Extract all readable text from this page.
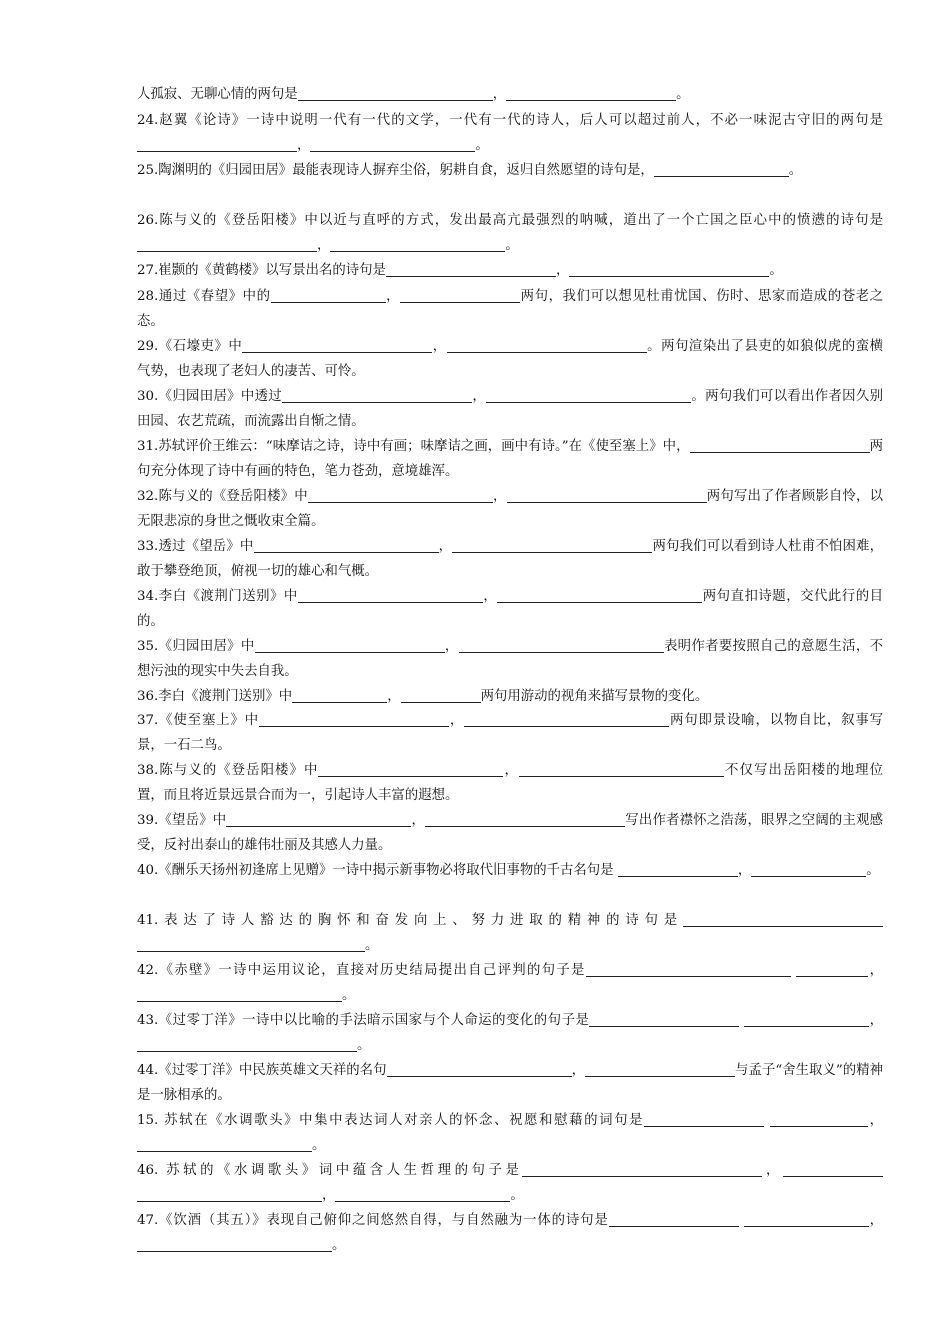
人孤寂、无聊心情的两句是	，	。

24.赵翼《论诗》一诗中说明一代有一代的文学，一代有一代的诗人，后人可以超过前人，不必一味泥古守旧的两句是 ，	。

25.陶渊明的《归园田居》最能表现诗人摒弃尘俗，躬耕自食，返归自然愿望的诗句是，	。

26.陈与义的《登岳阳楼》中以近与直呼的方式，发出最高亢最强烈的呐喊，道出了一个亡国之臣心中的愤懑的诗句是，	。

27.崔颢的《黄鹤楼》以写景出名的诗句是	，	。

28.通过《春望》中的	，	两句，我们可以想见杜甫忧国、伤时、思家而造成的苍老之态。

29.《石壕吏》中	，	。两句渲染出了县吏的如狼似虎的蛮横气势，也表现了老妇人的凄苦、可怜。

30.《归园田居》中透过	，	。两句我们可以看出作者因久别田园、农艺荒疏，而流露出自惭之情。

31.苏轼评价王维云：“味摩诘之诗，诗中有画；味摩诘之画，画中有诗。”在《使至塞上》中，	两句充分体现了诗中有画的特色，笔力苍劲，意境雄浑。

32.陈与义的《登岳阳楼》中	，	两句写出了作者顾影自怜，以无限悲凉的身世之慨收束全篇。

33.透过《望岳》中	，	两句我们可以看到诗人杜甫不怕困难，敢于攀登绝顶，俯视一切的雄心和气概。

34.李白《渡荆门送别》中	，	两句直扣诗题，交代此行的目的。

35.《归园田居》中	，	表明作者要按照自己的意愿生活，不想污浊的现实中失去自我。

36.李白《渡荆门送别》中	，	两句用游动的视角来描写景物的变化。

37.《使至塞上》中	，	两句即景设喻，以物自比，叙事写景，一石二鸟。

38.陈与义的《登岳阳楼》中	，	不仅写出岳阳楼的地理位置，而且将近景远景合而为一，引起诗人丰富的遐想。

39.《望岳》中	，	写出作者襟怀之浩荡，眼界之空阔的主观感受，反衬出泰山的雄伟壮丽及其感人力量。

40.《酬乐天扬州初逢席上见赠》一诗中揭示新事物必将取代旧事物的千古名句是	，	。

41.表达了诗人豁达的胸怀和奋发向上、努力进取的精神的诗句是 。

42.《赤壁》一诗中运用议论，直接对历史结局提出自己评判的句子是	，。

43.《过零丁洋》一诗中以比喻的手法暗示国家与个人命运的变化的句子是	，。

44.《过零丁洋》中民族英雄文天祥的名句	，	与孟子“舍生取义”的精神是一脉相承的。

15. 苏轼在《水调歌头》中集中表达词人对亲人的怀念、祝愿和慰藉的词句是	，。

46. 苏轼的《水调歌头》词中蕴含人生哲理的句子是	， ，	。

47.《饮酒（其五）》表现自己俯仰之间悠然自得，与自然融为一体的诗句是	，。
